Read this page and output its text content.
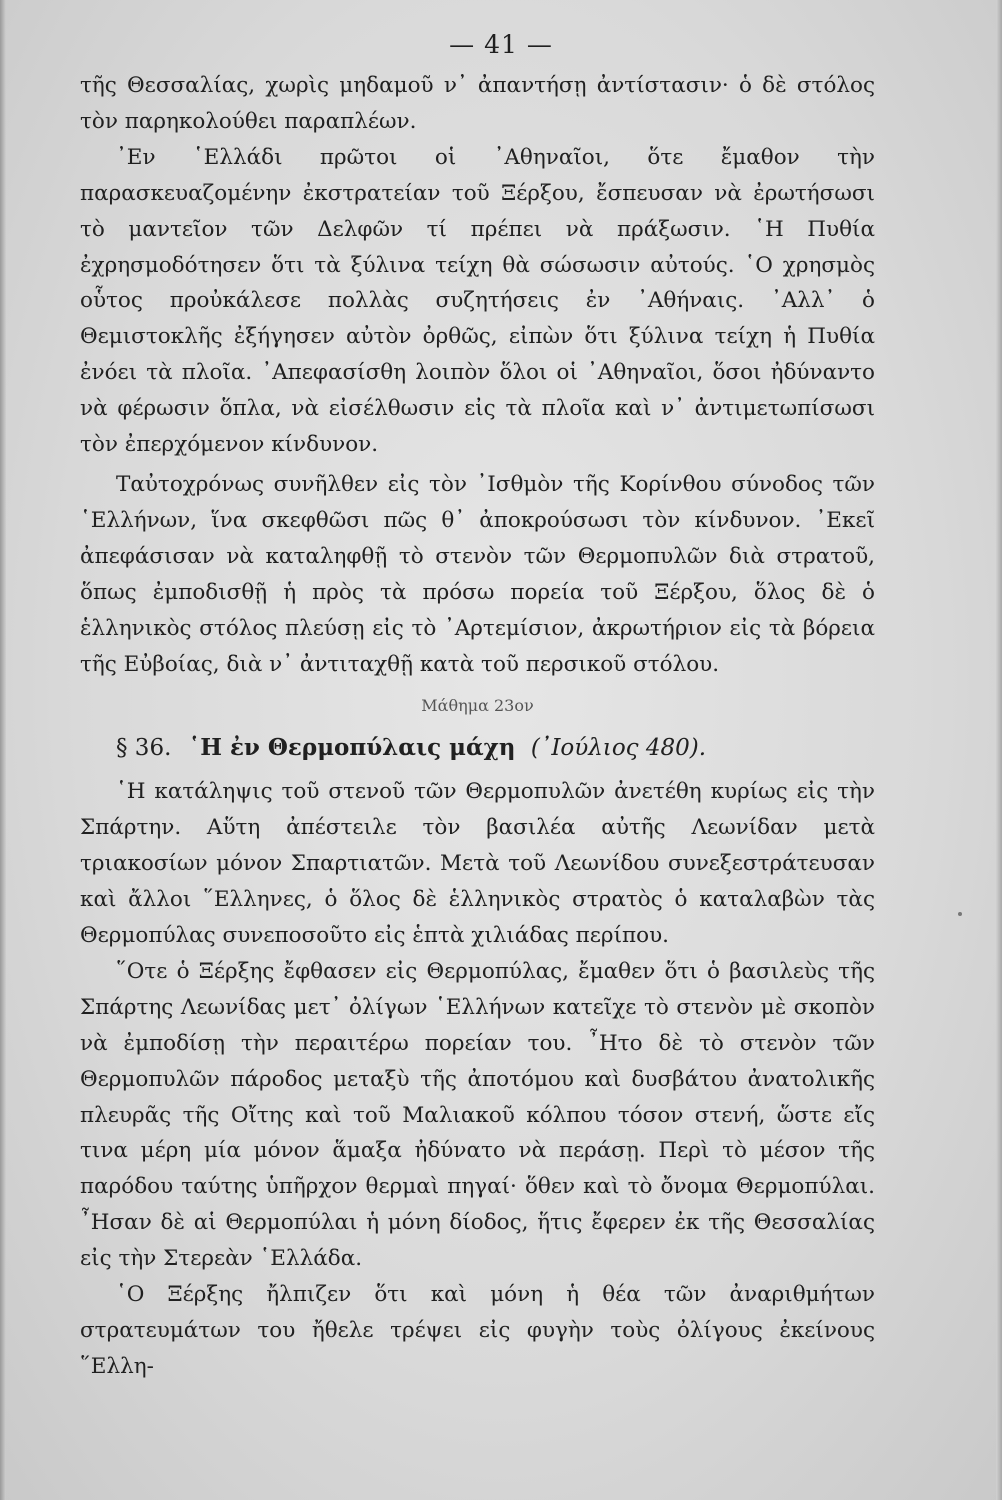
— 41 —

τῆς Θεσσαλίας, χωρὶς μηδαμοῦ ν᾿ ἀπαντήσῃ ἀντίστασιν· ὁ δὲ στόλος τὸν παρηκολούθει παραπλέων.

᾿Εν ῾Ελλάδι πρῶτοι οἱ ᾿Αθηναῖοι, ὅτε ἔμαθον τὴν παρασκευαζομένην ἐκστρατείαν τοῦ Ξέρξου, ἔσπευσαν νὰ ἐρωτήσωσι τὸ μαντεῖον τῶν Δελφῶν τί πρέπει νὰ πράξωσιν. ῾Η Πυθία ἐχρησμοδότησεν ὅτι τὰ ξύλινα τείχη θὰ σώσωσιν αὐτούς. ῾Ο χρησμὸς οὗτος προὐκάλεσε πολλὰς συζητήσεις ἐν ᾿Αθήναις. ᾿Αλλ᾿ ὁ Θεμιστοκλῆς ἐξήγησεν αὐτὸν ὀρθῶς, εἰπὼν ὅτι ξύλινα τείχη ἡ Πυθία ἐνόει τὰ πλοῖα. ᾿Απεφασίσθη λοιπὸν ὅλοι οἱ ᾿Αθηναῖοι, ὅσοι ἠδύναντο νὰ φέρωσιν ὅπλα, νὰ εἰσέλθωσιν εἰς τὰ πλοῖα καὶ ν᾿ ἀντιμετωπίσωσι τὸν ἐπερχόμενον κίνδυνον.

Ταὐτοχρόνως συνῆλθεν εἰς τὸν ᾿Ισθμὸν τῆς Κορίνθου σύνοδος τῶν ῾Ελλήνων, ἵνα σκεφθῶσι πῶς θ᾿ ἀποκρούσωσι τὸν κίνδυνον. ᾿Εκεῖ ἀπεφάσισαν νὰ καταληφθῇ τὸ στενὸν τῶν Θερμοπυλῶν διὰ στρατοῦ, ὅπως ἐμποδισθῇ ἡ πρὸς τὰ πρόσω πορεία τοῦ Ξέρξου, ὅλος δὲ ὁ ἑλληνικὸς στόλος πλεύσῃ εἰς τὸ ᾿Αρτεμίσιον, ἀκρωτήριον εἰς τὰ βόρεια τῆς Εὐβοίας, διὰ ν᾿ ἀντιταχθῇ κατὰ τοῦ περσικοῦ στόλου.

Μάθημα 23ον
§ 36. ῾Η ἐν Θερμοπύλαις μάχη (᾿Ιούλιος 480).

῾Η κατάληψις τοῦ στενοῦ τῶν Θερμοπυλῶν ἀνετέθη κυρίως εἰς τὴν Σπάρτην. Αὕτη ἀπέστειλε τὸν βασιλέα αὐτῆς Λεωνίδαν μετὰ τριακοσίων μόνον Σπαρτιατῶν. Μετὰ τοῦ Λεωνίδου συνεξεστράτευσαν καὶ ἄλλοι ῞Ελληνες, ὁ ὅλος δὲ ἑλληνικὸς στρατὸς ὁ καταλαβὼν τὰς Θερμοπύλας συνεποσοῦτο εἰς ἑπτὰ χιλιάδας περίπου.

῞Οτε ὁ Ξέρξης ἔφθασεν εἰς Θερμοπύλας, ἔμαθεν ὅτι ὁ βασιλεὺς τῆς Σπάρτης Λεωνίδας μετ᾿ ὀλίγων ῾Ελλήνων κατεῖχε τὸ στενὸν μὲ σκοπὸν νὰ ἐμποδίσῃ τὴν περαιτέρω πορείαν του. ῏Ητο δὲ τὸ στενὸν τῶν Θερμοπυλῶν πάροδος μεταξὺ τῆς ἀποτόμου καὶ δυσβάτου ἀνατολικῆς πλευρᾶς τῆς Οἴτης καὶ τοῦ Μαλιακοῦ κόλπου τόσον στενή, ὥστε εἴς τινα μέρη μία μόνον ἅμαξα ἠδύνατο νὰ περάσῃ. Περὶ τὸ μέσον τῆς παρόδου ταύτης ὑπῆρχον θερμαὶ πηγαί· ὅθεν καὶ τὸ ὄνομα Θερμοπύλαι. ῏Ησαν δὲ αἱ Θερμοπύλαι ἡ μόνη δίοδος, ἥτις ἔφερεν ἐκ τῆς Θεσσαλίας εἰς τὴν Στερεὰν ῾Ελλάδα.

῾Ο Ξέρξης ἤλπιζεν ὅτι καὶ μόνη ἡ θέα τῶν ἀναριθμήτων στρατευμάτων του ἤθελε τρέψει εἰς φυγὴν τοὺς ὀλίγους ἐκείνους ῞Ελλη-
